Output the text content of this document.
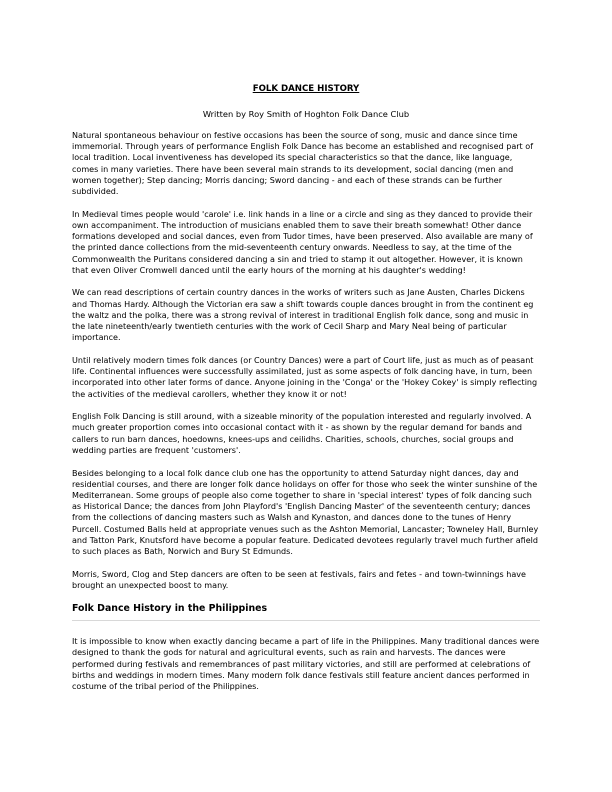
FOLK DANCE HISTORY

Written by Roy Smith of Hoghton Folk Dance Club

Natural spontaneous behaviour on festive occasions has been the source of song, music and dance since time immemorial. Through years of performance English Folk Dance has become an established and recognised part of local tradition. Local inventiveness has developed its special characteristics so that the dance, like language, comes in many varieties. There have been several main strands to its development, social dancing (men and women together); Step dancing; Morris dancing; Sword dancing - and each of these strands can be further subdivided.

In Medieval times people would 'carole' i.e. link hands in a line or a circle and sing as they danced to provide their own accompaniment. The introduction of musicians enabled them to save their breath somewhat! Other dance formations developed and social dances, even from Tudor times, have been preserved. Also available are many of the printed dance collections from the mid-seventeenth century onwards. Needless to say, at the time of the Commonwealth the Puritans considered dancing a sin and tried to stamp it out altogether. However, it is known that even Oliver Cromwell danced until the early hours of the morning at his daughter's wedding!

We can read descriptions of certain country dances in the works of writers such as Jane Austen, Charles Dickens and Thomas Hardy. Although the Victorian era saw a shift towards couple dances brought in from the continent eg the waltz and the polka, there was a strong revival of interest in traditional English folk dance, song and music in the late nineteenth/early twentieth centuries with the work of Cecil Sharp and Mary Neal being of particular importance.

Until relatively modern times folk dances (or Country Dances) were a part of Court life, just as much as of peasant life. Continental influences were successfully assimilated, just as some aspects of folk dancing have, in turn, been incorporated into other later forms of dance. Anyone joining in the 'Conga' or the 'Hokey Cokey' is simply reflecting the activities of the medieval carollers, whether they know it or not!

English Folk Dancing is still around, with a sizeable minority of the population interested and regularly involved. A much greater proportion comes into occasional contact with it - as shown by the regular demand for bands and callers to run barn dances, hoedowns, knees-ups and ceilidhs. Charities, schools, churches, social groups and wedding parties are frequent 'customers'.

Besides belonging to a local folk dance club one has the opportunity to attend Saturday night dances, day and residential courses, and there are longer folk dance holidays on offer for those who seek the winter sunshine of the Mediterranean. Some groups of people also come together to share in 'special interest' types of folk dancing such as Historical Dance; the dances from John Playford's 'English Dancing Master' of the seventeenth century; dances from the collections of dancing masters such as Walsh and Kynaston, and dances done to the tunes of Henry Purcell. Costumed Balls held at appropriate venues such as the Ashton Memorial, Lancaster; Towneley Hall, Burnley and Tatton Park, Knutsford have become a popular feature. Dedicated devotees regularly travel much further afield to such places as Bath, Norwich and Bury St Edmunds.

Morris, Sword, Clog and Step dancers are often to be seen at festivals, fairs and fetes - and town-twinnings have brought an unexpected boost to many.

Folk Dance History in the Philippines

It is impossible to know when exactly dancing became a part of life in the Philippines. Many traditional dances were designed to thank the gods for natural and agricultural events, such as rain and harvests. The dances were performed during festivals and remembrances of past military victories, and still are performed at celebrations of births and weddings in modern times. Many modern folk dance festivals still feature ancient dances performed in costume of the tribal period of the Philippines.
